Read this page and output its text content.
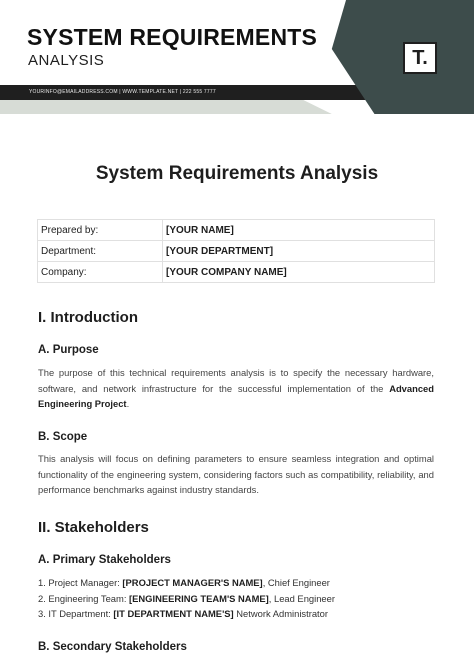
SYSTEM REQUIREMENTS
ANALYSIS
YOURINFO@EMAILADDRESS.COM | WWW.TEMPLATE.NET | 222 555 7777
T.
System Requirements Analysis
Prepared by:	[YOUR NAME]
Department:	[YOUR DEPARTMENT]
Company:	[YOUR COMPANY NAME]
I. Introduction
A. Purpose
The purpose of this technical requirements analysis is to specify the necessary hardware, software, and network infrastructure for the successful implementation of the Advanced Engineering Project.
B. Scope
This analysis will focus on defining parameters to ensure seamless integration and optimal functionality of the engineering system, considering factors such as compatibility, reliability, and performance benchmarks against industry standards.
II. Stakeholders
A. Primary Stakeholders
1. Project Manager: [PROJECT MANAGER'S NAME], Chief Engineer
2. Engineering Team: [ENGINEERING TEAM'S NAME], Lead Engineer
3. IT Department: [IT DEPARTMENT NAME'S] Network Administrator
B. Secondary Stakeholders
